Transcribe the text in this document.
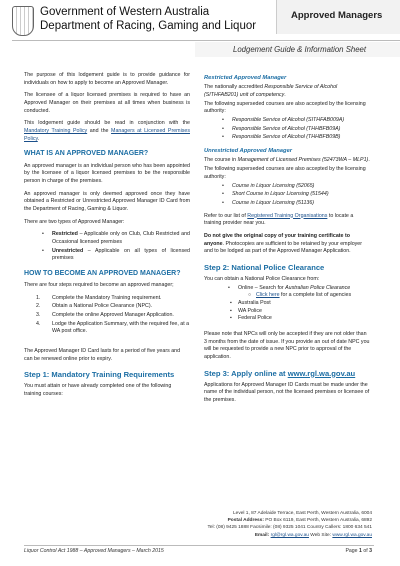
Government of Western Australia
Department of Racing, Gaming and Liquor
Approved Managers
Lodgement Guide & Information Sheet

The purpose of this lodgement guide is to provide guidance for individuals on how to apply to become an Approved Manager.

The licensee of a liquor licensed premises is required to have an Approved Manager on their premises at all times when business is conducted.

This lodgement guide should be read in conjunction with the Mandatory Training Policy and the Managers at Licensed Premises Policy.

WHAT IS AN APPROVED MANAGER?

An approved manager is an individual person who has been appointed by the licensee of a liquor licensed premises to be the responsible person in charge of the premises.

An approved manager is only deemed approved once they have obtained a Restricted or Unrestricted Approved Manager ID Card from the Department of Racing, Gaming & Liquor.

There are two types of Approved Manager:

• Restricted – Applicable only on Club, Club Restricted and Occasional licensed premises
• Unrestricted – Applicable on all types of licensed premises
HOW TO BECOME AN APPROVED MANAGER?

There are four steps required to become an approved manager;

1. Complete the Mandatory Training requirement.
2. Obtain a National Police Clearance (NPC).
3. Complete the online Approved Manager Application.
4. Lodge the Application Summary, with the required fee, at a WA post office.

The Approved Manager ID Card lasts for a period of five years and can be renewed online prior to expiry.

Step 1: Mandatory Training Requirements

You must attain or have already completed one of the following training courses:

Restricted Approved Manager

The nationally accredited Responsible Service of Alcohol (SITHFAB201) unit of competency.

The following superseded courses are also accepted by the licensing authority:

• Responsible Service of Alcohol (SITHFAB009A)
• Responsible Service of Alcohol (THHBFB09A)
• Responsible Service of Alcohol (THHBFB09B)
Unrestricted Approved Manager

The course in Management of Licensed Premises (52473WA – MLP1).

The following superseded courses are also accepted by the licensing authority:

• Course in Liquor Licensing (52065)
• Short Course in Liquor Licensing (51544)
• Course in Liquor Licensing (51136)

Refer to our list of Registered Training Organisations to locate a training provider near you.

Do not give the original copy of your training certificate to anyone. Photocopies are sufficient to be retained by your employer and to be lodged as part of the Approved Manager Application.

Step 2: National Police Clearance

You can obtain a National Police Clearance from:

• Online – Search for Australian Police Clearance
○ Click here for a complete list of agencies
▪ Australia Post
▪ WA Police
▪ Federal Police

Please note that NPCs will only be accepted if they are not older than 3 months from the date of issue. If you provide an out of date NPC you will be requested to provide a new NPC prior to approval of the application.

Step 3: Apply online at www.rgl.wa.gov.au

Applications for Approved Manager ID Cards must be made under the name of the individual person, not the licensed premises or licensee of the premises.

Level 1, 87 Adelaide Terrace, East Perth, Western Australia, 6004
Postal Address: PO Box 6119, East Perth, Western Australia, 6892
Tel: (08) 9425 1888 Facsimile: (08) 9325 1041 Country Callers: 1800 634 541
Email: rgl@rgl.wa.gov.au Web Site: www.rgl.wa.gov.au
Liquor Control Act 1988 – Approved Managers – March 2015	Page 1 of 3
